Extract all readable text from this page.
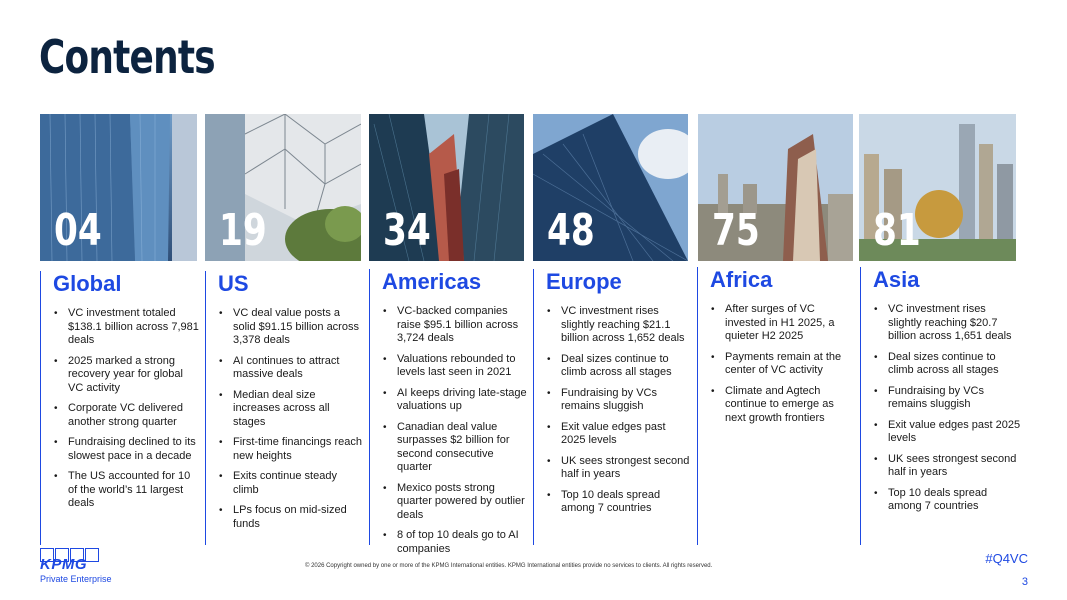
Contents
04	19	34	48	75	81
Global
• VC investment totaled $138.1 billion across 7,981 deals
• 2025 marked a strong recovery year for global VC activity
• Corporate VC delivered another strong quarter
• Fundraising declined to its slowest pace in a decade
• The US accounted for 10 of the world’s 11 largest deals
US
• VC deal value posts a solid $91.15 billion across 3,378 deals
• AI continues to attract massive deals
• Median deal size increases across all stages
• First-time financings reach new heights
• Exits continue steady climb
• LPs focus on mid-sized funds
Americas
• VC-backed companies raise $95.1 billion across 3,724 deals
• Valuations rebounded to levels last seen in 2021
• AI keeps driving late-stage valuations up
• Canadian deal value surpasses $2 billion for second consecutive quarter
• Mexico posts strong quarter powered by outlier deals
• 8 of top 10 deals go to AI companies
Europe
• VC investment rises slightly reaching $21.1 billion across 1,652 deals
• Deal sizes continue to climb across all stages
• Fundraising by VCs remains sluggish
• Exit value edges past 2025 levels
• UK sees strongest second half in years
• Top 10 deals spread among 7 countries
Africa
• After surges of VC invested in H1 2025, a quieter H2 2025
• Payments remain at the center of VC activity
• Climate and Agtech continue to emerge as next growth frontiers
Asia
• VC investment rises slightly reaching $20.7 billion across 1,651 deals
• Deal sizes continue to climb across all stages
• Fundraising by VCs remains sluggish
• Exit value edges past 2025 levels
• UK sees strongest second half in years
• Top 10 deals spread among 7 countries
KPMG
Private Enterprise
© 2026 Copyright owned by one or more of the KPMG International entities. KPMG International entities provide no services to clients. All rights reserved.	#Q4VC
3
